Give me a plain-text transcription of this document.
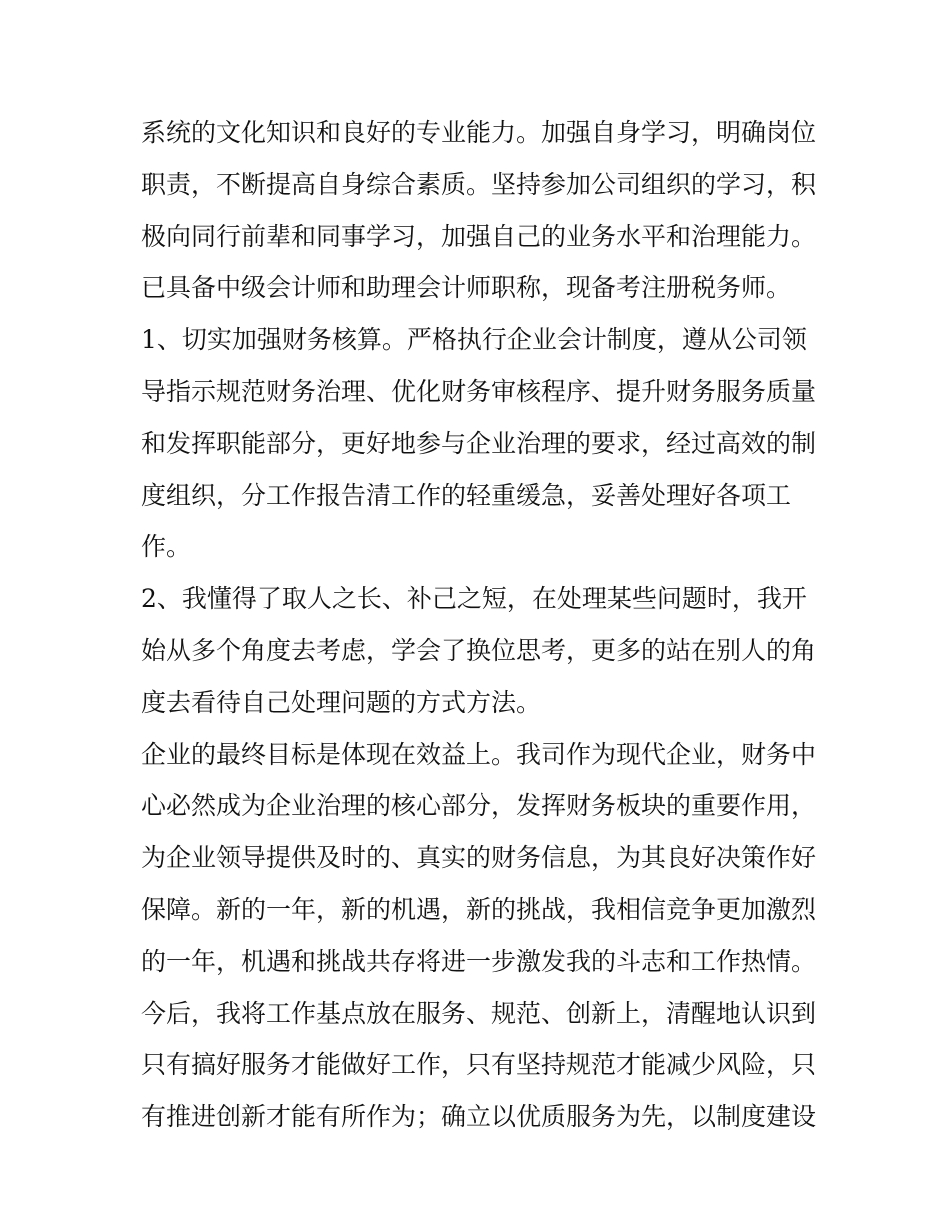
系统的文化知识和良好的专业能力。加强自身学习，明确岗位

职责，不断提高自身综合素质。坚持参加公司组织的学习，积

极向同行前辈和同事学习，加强自己的业务水平和治理能力。

已具备中级会计师和助理会计师职称，现备考注册税务师。

1、切实加强财务核算。严格执行企业会计制度，遵从公司领

导指示规范财务治理、优化财务审核程序、提升财务服务质量

和发挥职能部分，更好地参与企业治理的要求，经过高效的制

度组织，分工作报告清工作的轻重缓急，妥善处理好各项工

作。

2、我懂得了取人之长、补己之短，在处理某些问题时，我开

始从多个角度去考虑，学会了换位思考，更多的站在别人的角

度去看待自己处理问题的方式方法。

企业的最终目标是体现在效益上。我司作为现代企业，财务中

心必然成为企业治理的核心部分，发挥财务板块的重要作用，

为企业领导提供及时的、真实的财务信息，为其良好决策作好

保障。新的一年，新的机遇，新的挑战，我相信竞争更加激烈

的一年，机遇和挑战共存将进一步激发我的斗志和工作热情。

今后，我将工作基点放在服务、规范、创新上，清醒地认识到

只有搞好服务才能做好工作，只有坚持规范才能减少风险，只

有推进创新才能有所作为；确立以优质服务为先，以制度建设
